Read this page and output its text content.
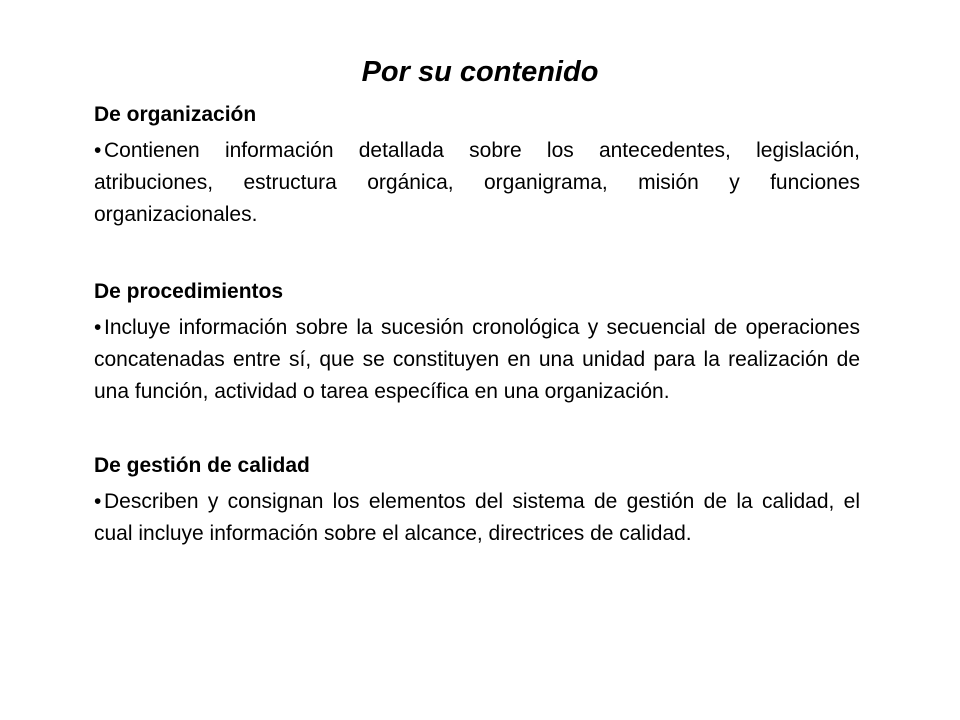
Por su contenido
De organización

• Contienen información detallada sobre los antecedentes, legislación, atribuciones, estructura orgánica, organigrama, misión y funciones organizacionales.

De procedimientos

• Incluye información sobre la sucesión cronológica y secuencial de operaciones concatenadas entre sí, que se constituyen en una unidad para la realización de una función, actividad o tarea específica en una organización.

De gestión de calidad

• Describen y consignan los elementos del sistema de gestión de la calidad, el cual incluye información sobre el alcance, directrices de calidad.
